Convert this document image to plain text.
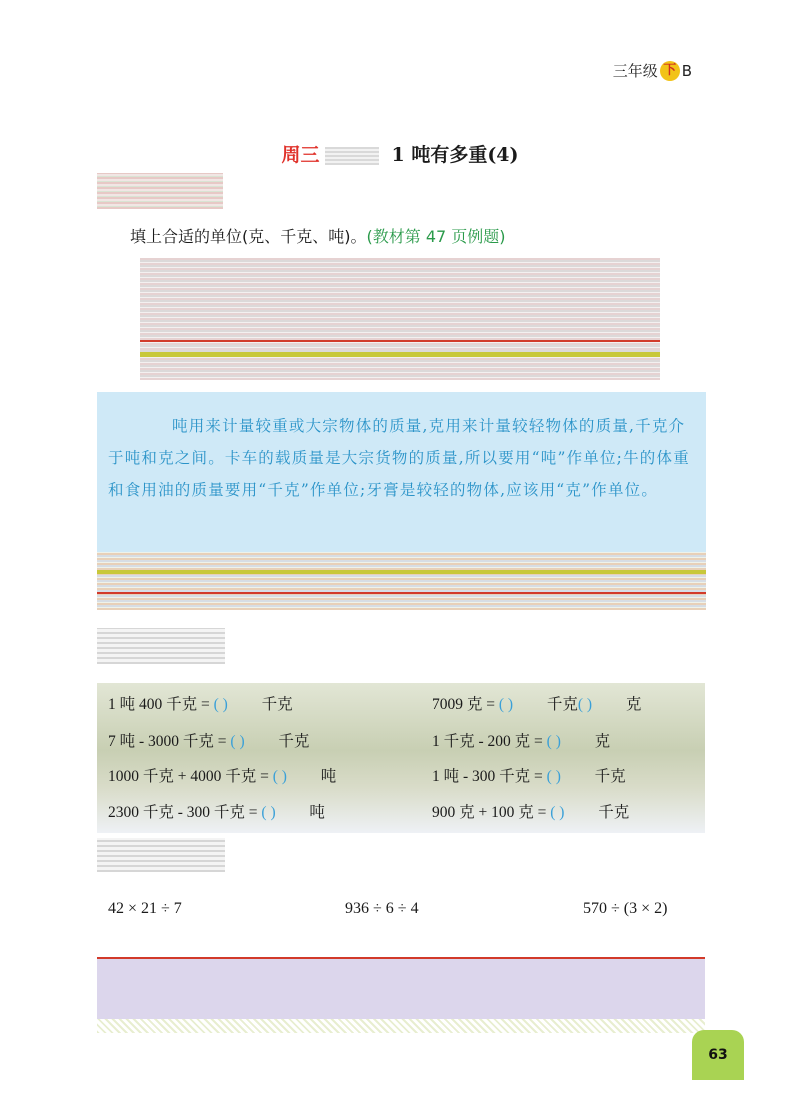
三年级 下 B
周三	1 吨有多重(4)
填上合适的单位(克、千克、吨)。(教材第 47 页例题)
吨用来计量较重或大宗物体的质量,克用来计量较轻物体的质量,千克介于吨和克之间。卡车的载质量是大宗货物的质量,所以要用“吨”作单位;牛的体重和食用油的质量要用“千克”作单位;牙膏是较轻的物体,应该用“克”作单位。
1 吨 400 千克 = ( ) 千克	7009 克 = ( ) 千克( ) 克
7 吨 - 3000 千克 = ( ) 千克	1 千克 - 200 克 = ( ) 克
1000 千克 + 4000 千克 = ( ) 吨	1 吨 - 300 千克 = ( ) 千克
2300 千克 - 300 千克 = ( ) 吨	900 克 + 100 克 = ( ) 千克
42 × 21 ÷ 7	936 ÷ 6 ÷ 4	570 ÷ (3 × 2)
63
